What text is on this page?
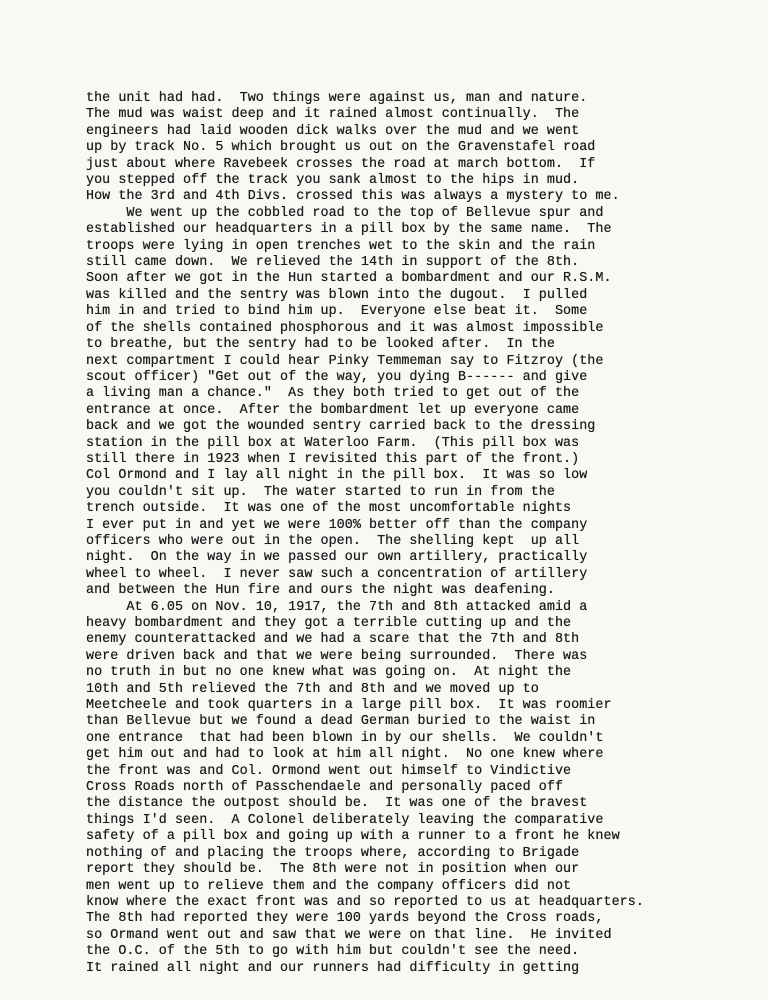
the unit had had.  Two things were against us, man and nature.
The mud was waist deep and it rained almost continually.  The
engineers had laid wooden dick walks over the mud and we went
up by track No. 5 which brought us out on the Gravenstafel road
just about where Ravebeek crosses the road at march bottom.  If
you stepped off the track you sank almost to the hips in mud.
How the 3rd and 4th Divs. crossed this was always a mystery to me.
We went up the cobbled road to the top of Bellevue spur and
established our headquarters in a pill box by the same name.  The
troops were lying in open trenches wet to the skin and the rain
still came down.  We relieved the 14th in support of the 8th.
Soon after we got in the Hun started a bombardment and our R.S.M.
was killed and the sentry was blown into the dugout.  I pulled
him in and tried to bind him up.  Everyone else beat it.  Some
of the shells contained phosphorous and it was almost impossible
to breathe, but the sentry had to be looked after.  In the
next compartment I could hear Pinky Temmeman say to Fitzroy (the
scout officer) "Get out of the way, you dying B------ and give
a living man a chance."  As they both tried to get out of the
entrance at once.  After the bombardment let up everyone came
back and we got the wounded sentry carried back to the dressing
station in the pill box at Waterloo Farm.  (This pill box was
still there in 1923 when I revisited this part of the front.)
Col Ormond and I lay all night in the pill box.  It was so low
you couldn't sit up.  The water started to run in from the
trench outside.  It was one of the most uncomfortable nights
I ever put in and yet we were 100% better off than the company
officers who were out in the open.  The shelling kept  up all
night.  On the way in we passed our own artillery, practically
wheel to wheel.  I never saw such a concentration of artillery
and between the Hun fire and ours the night was deafening.
At 6.05 on Nov. 10, 1917, the 7th and 8th attacked amid a
heavy bombardment and they got a terrible cutting up and the
enemy counterattacked and we had a scare that the 7th and 8th
were driven back and that we were being surrounded.  There was
no truth in but no one knew what was going on.  At night the
10th and 5th relieved the 7th and 8th and we moved up to
Meetcheele and took quarters in a large pill box.  It was roomier
than Bellevue but we found a dead German buried to the waist in
one entrance  that had been blown in by our shells.  We couldn't
get him out and had to look at him all night.  No one knew where
the front was and Col. Ormond went out himself to Vindictive
Cross Roads north of Passchendaele and personally paced off
the distance the outpost should be.  It was one of the bravest
things I'd seen.  A Colonel deliberately leaving the comparative
safety of a pill box and going up with a runner to a front he knew
nothing of and placing the troops where, according to Brigade
report they should be.  The 8th were not in position when our
men went up to relieve them and the company officers did not
know where the exact front was and so reported to us at headquarters.
The 8th had reported they were 100 yards beyond the Cross roads,
so Ormand went out and saw that we were on that line.  He invited
the O.C. of the 5th to go with him but couldn't see the need.
It rained all night and our runners had difficulty in getting
